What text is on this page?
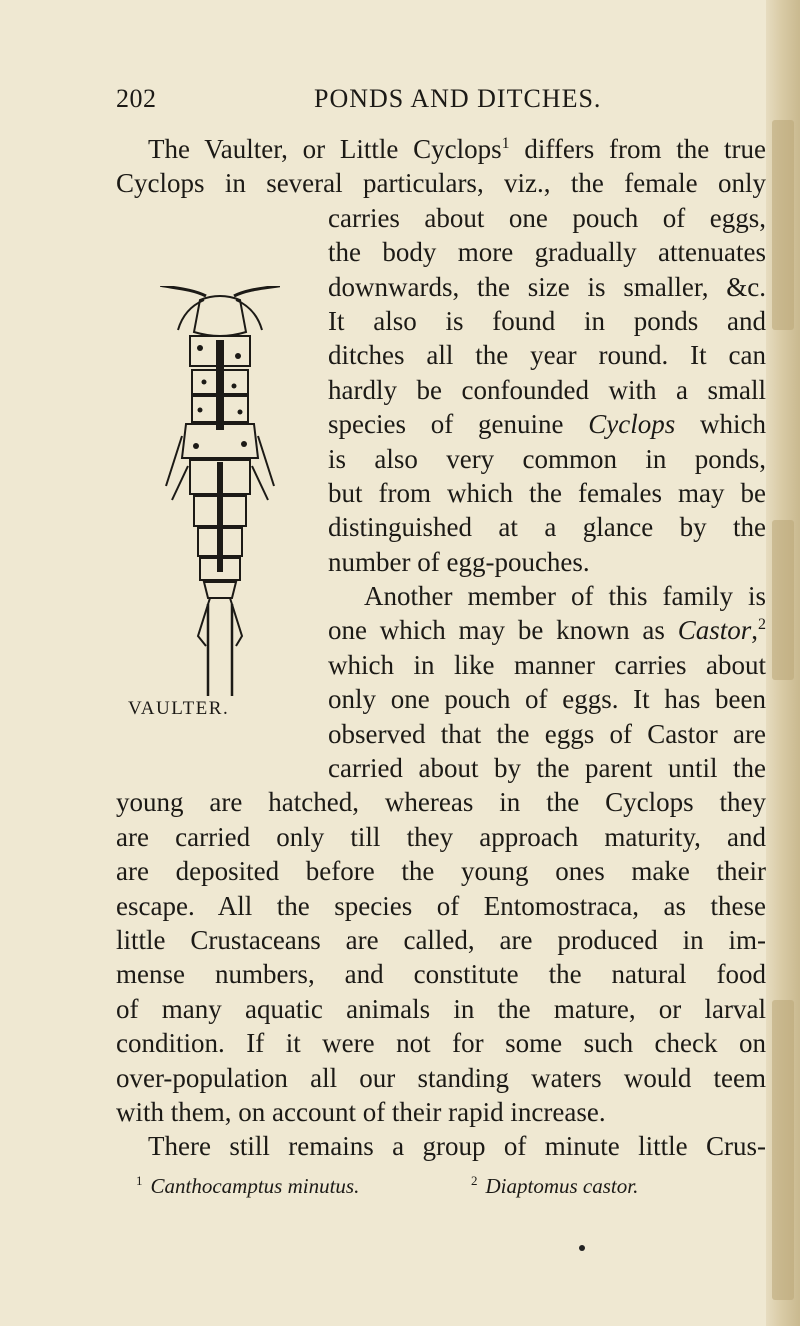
202	PONDS AND DITCHES.
VAULTER.
The Vaulter, or Little Cyclops$^1$ differs from the true
Cyclops in several particulars, viz., the female only
carries about one pouch of eggs,
the body more gradually attenuates
downwards, the size is smaller, &c.
It also is found in ponds and
ditches all the year round. It can
hardly be confounded with a small
species of genuine Cyclops which
is also very common in ponds,
but from which the females may be
distinguished at a glance by the
number of egg-pouches.
Another member of this family is
one which may be known as Castor,$^2$
which in like manner carries about
only one pouch of eggs. It has been
observed that the eggs of Castor are
carried about by the parent until the
young are hatched, whereas in the Cyclops they
are carried only till they approach maturity, and
are deposited before the young ones make their
escape. All the species of Entomostraca, as these
little Crustaceans are called, are produced in im-
mense numbers, and constitute the natural food
of many aquatic animals in the mature, or larval
condition. If it were not for some such check on
over-population all our standing waters would teem
with them, on account of their rapid increase.
There still remains a group of minute little Crus-
$^1$ Canthocamptus minutus.	$^2$ Diaptomus castor.
